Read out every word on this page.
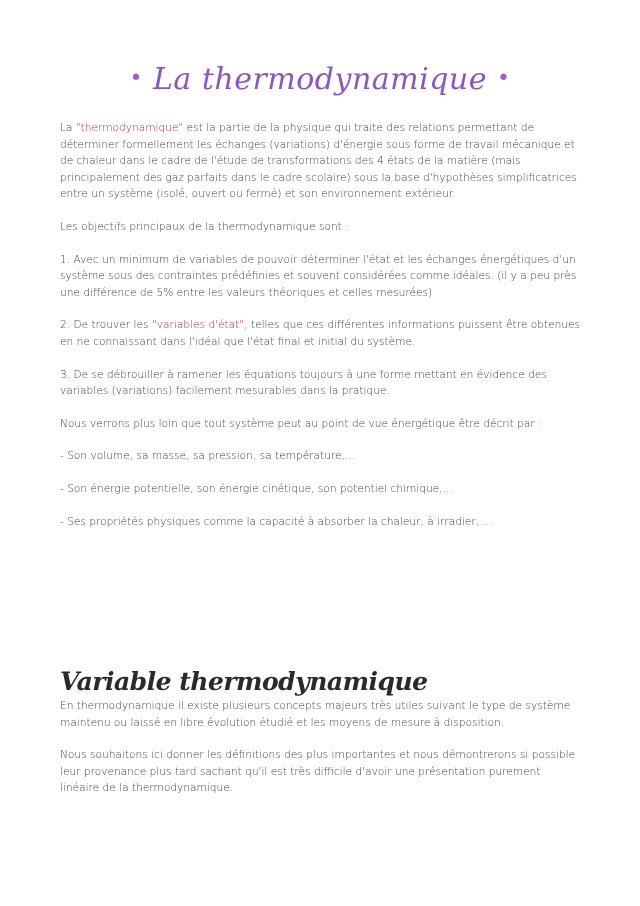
• La thermodynamique •

La "thermodynamique" est la partie de la physique qui traite des relations permettant de déterminer formellement les échanges (variations) d'énergie sous forme de travail mécanique et de chaleur dans le cadre de l'étude de transformations des 4 états de la matière (mais principalement des gaz parfaits dans le cadre scolaire) sous la base d'hypothèses simplificatrices entre un système (isolé, ouvert ou fermé) et son environnement extérieur.

Les objectifs principaux de la thermodynamique sont :

1. Avec un minimum de variables de pouvoir déterminer l'état et les échanges énergétiques d'un système sous des contraintes prédéfinies et souvent considérées comme idéales. (il y a peu près une différence de 5% entre les valeurs théoriques et celles mesurées)

2. De trouver les "variables d'état", telles que ces différentes informations puissent être obtenues en ne connaissant dans l'idéal que l'état final et initial du système.

3. De se débrouiller à ramener les équations toujours à une forme mettant en évidence des variables (variations) facilement mesurables dans la pratique.

Nous verrons plus loin que tout système peut au point de vue énergétique être décrit par :

- Son volume, sa masse, sa pression, sa température,...

- Son énergie potentielle, son énergie cinétique, son potentiel chimique,...

- Ses propriétés physiques comme la capacité à absorber la chaleur, à irradier, ...

Variable thermodynamique

En thermodynamique il existe plusieurs concepts majeurs très utiles suivant le type de système maintenu ou laissé en libre évolution étudié et les moyens de mesure à disposition.

Nous souhaitons ici donner les définitions des plus importantes et nous démontrerons si possible leur provenance plus tard sachant qu'il est très difficile d'avoir une présentation purement linéaire de la thermodynamique.
